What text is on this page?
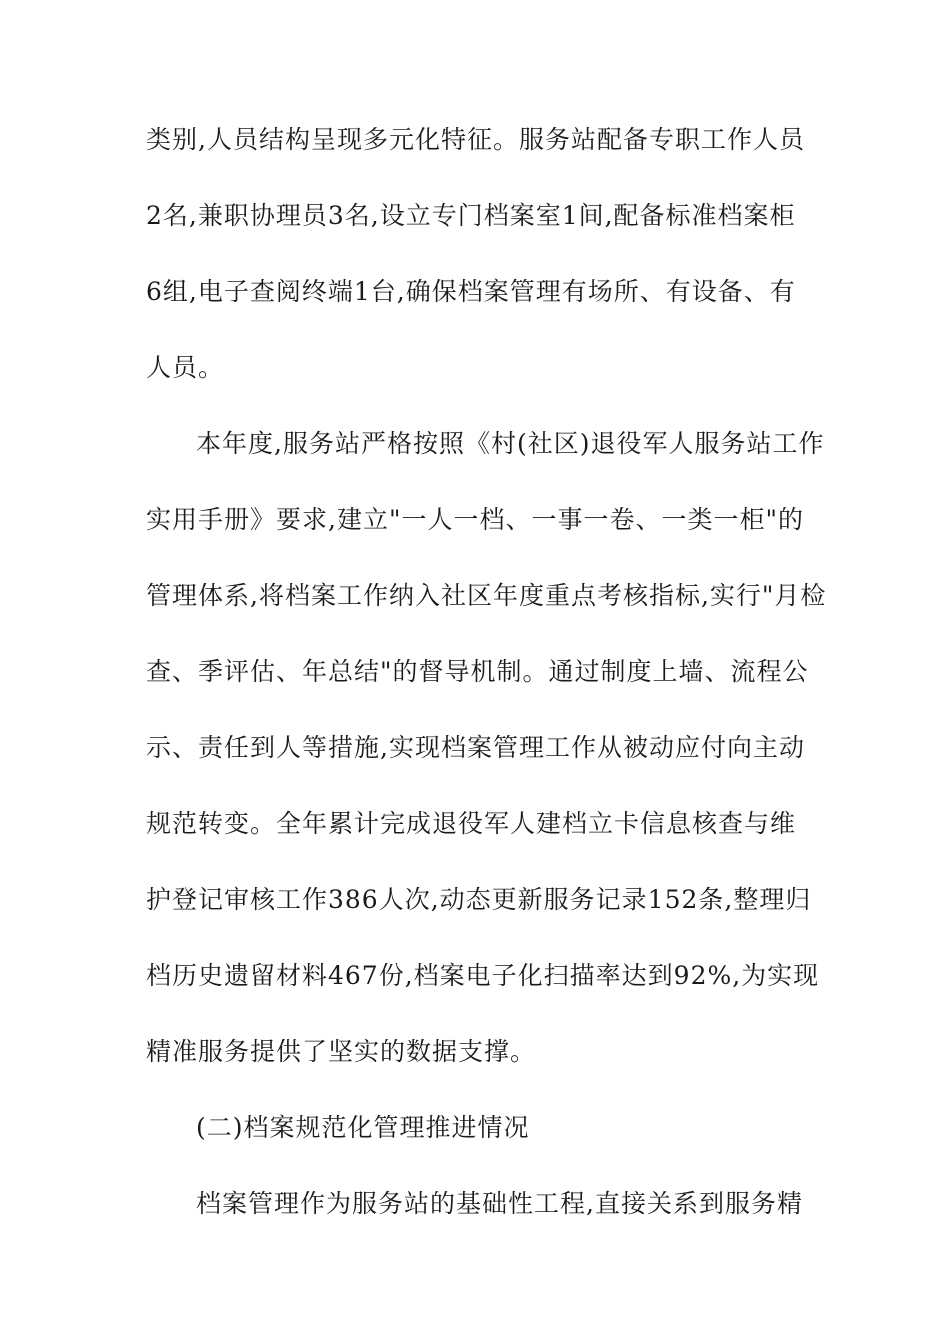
类别,人员结构呈现多元化特征。服务站配备专职工作人员
2名,兼职协理员3名,设立专门档案室1间,配备标准档案柜
6组,电子查阅终端1台,确保档案管理有场所、有设备、有
人员。
本年度,服务站严格按照《村(社区)退役军人服务站工作
实用手册》要求,建立"一人一档、一事一卷、一类一柜"的
管理体系,将档案工作纳入社区年度重点考核指标,实行"月检
查、季评估、年总结"的督导机制。通过制度上墙、流程公
示、责任到人等措施,实现档案管理工作从被动应付向主动
规范转变。全年累计完成退役军人建档立卡信息核查与维
护登记审核工作386人次,动态更新服务记录152条,整理归
档历史遗留材料467份,档案电子化扫描率达到92%,为实现
精准服务提供了坚实的数据支撑。
(二)档案规范化管理推进情况
档案管理作为服务站的基础性工程,直接关系到服务精
